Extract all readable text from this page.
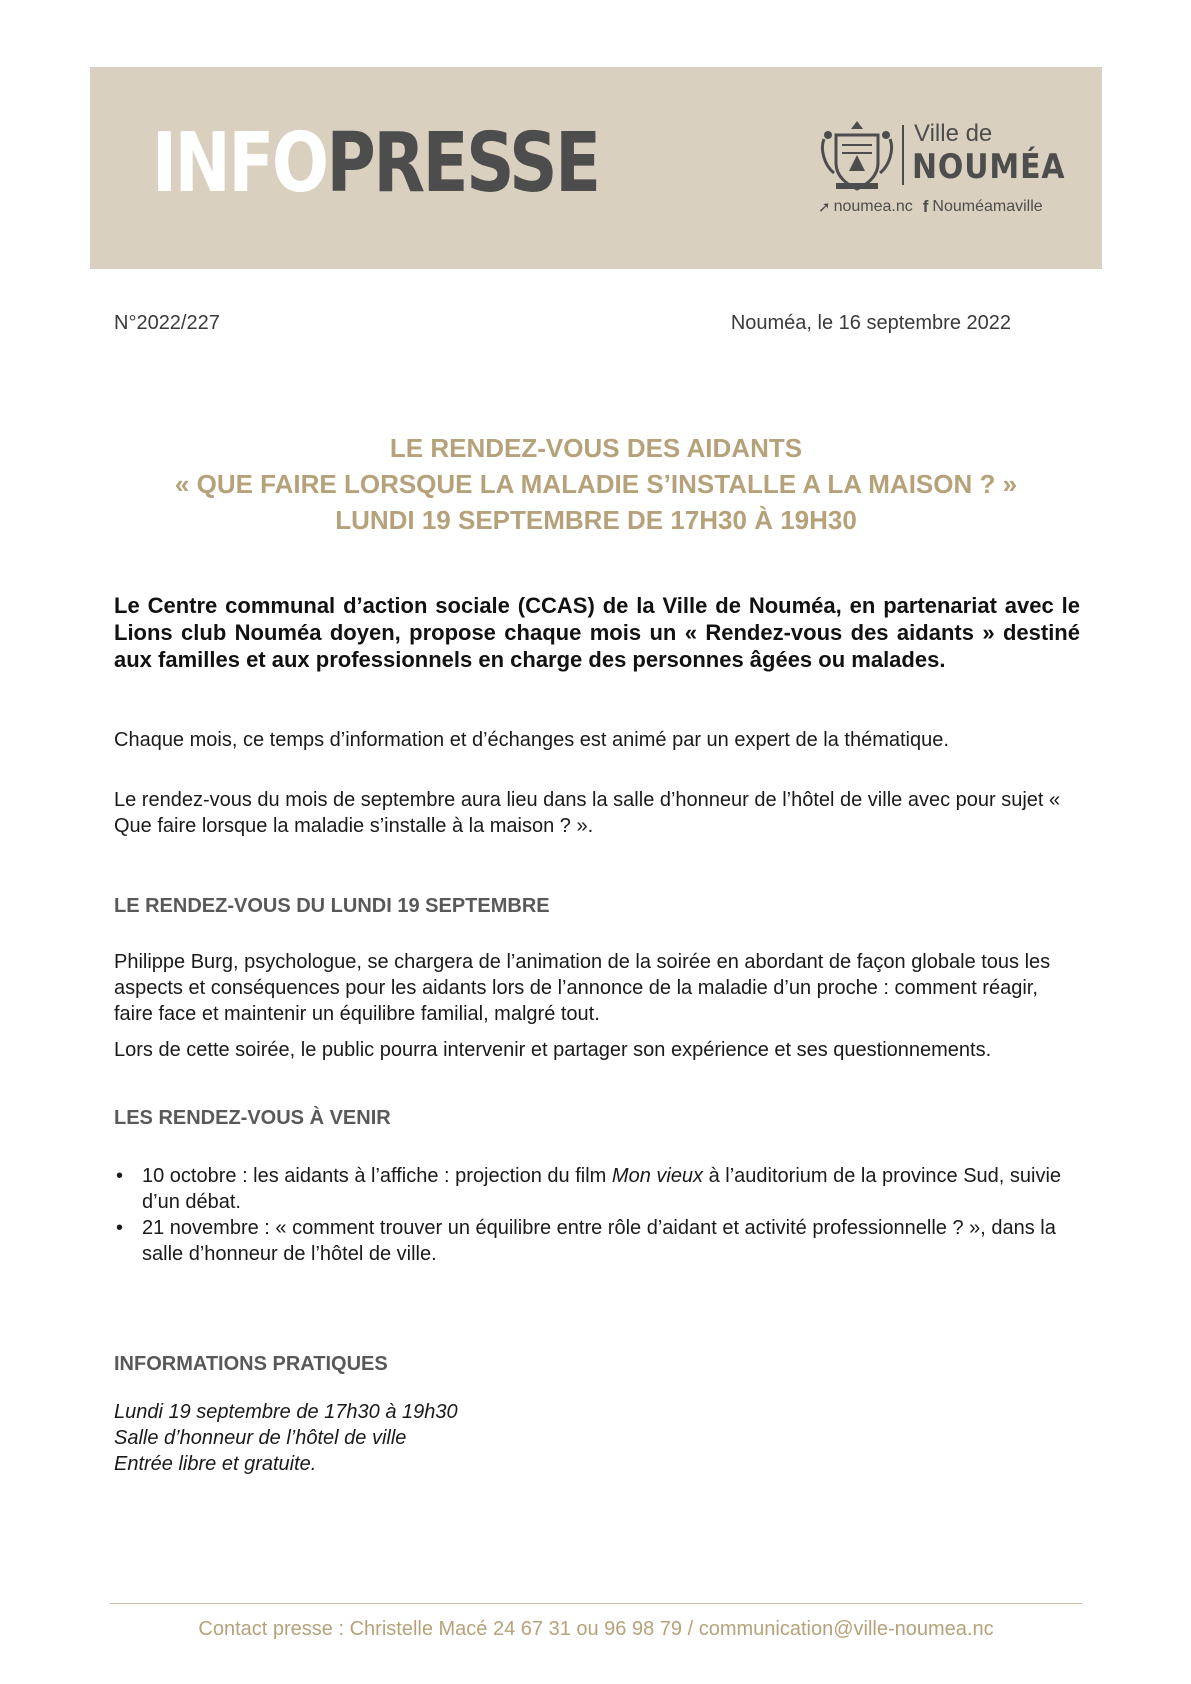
INFOPRESSE	Ville de
NOUMÉA
➚ noumea.nc f Nouméamaville
N°2022/227	Nouméa, le 16 septembre 2022
LE RENDEZ-VOUS DES AIDANTS
« QUE FAIRE LORSQUE LA MALADIE S’INSTALLE A LA MAISON ? »
LUNDI 19 SEPTEMBRE DE 17H30 À 19H30

Le Centre communal d’action sociale (CCAS) de la Ville de Nouméa, en partenariat avec le Lions club Nouméa doyen, propose chaque mois un « Rendez-vous des aidants » destiné aux familles et aux professionnels en charge des personnes âgées ou malades.

Chaque mois, ce temps d’information et d’échanges est animé par un expert de la thématique.

Le rendez-vous du mois de septembre aura lieu dans la salle d’honneur de l’hôtel de ville avec pour sujet « Que faire lorsque la maladie s’installe à la maison ? ».

LE RENDEZ-VOUS DU LUNDI 19 SEPTEMBRE

Philippe Burg, psychologue, se chargera de l’animation de la soirée en abordant de façon globale tous les aspects et conséquences pour les aidants lors de l’annonce de la maladie d’un proche : comment réagir, faire face et maintenir un équilibre familial, malgré tout.

Lors de cette soirée, le public pourra intervenir et partager son expérience et ses questionnements.

LES RENDEZ-VOUS À VENIR
• 10 octobre : les aidants à l’affiche : projection du film Mon vieux à l’auditorium de la province Sud, suivie d’un débat.
• 21 novembre : « comment trouver un équilibre entre rôle d’aidant et activité professionnelle ? », dans la salle d’honneur de l’hôtel de ville.
INFORMATIONS PRATIQUES
Lundi 19 septembre de 17h30 à 19h30
Salle d’honneur de l’hôtel de ville
Entrée libre et gratuite.
Contact presse : Christelle Macé 24 67 31 ou 96 98 79 / communication@ville-noumea.nc
